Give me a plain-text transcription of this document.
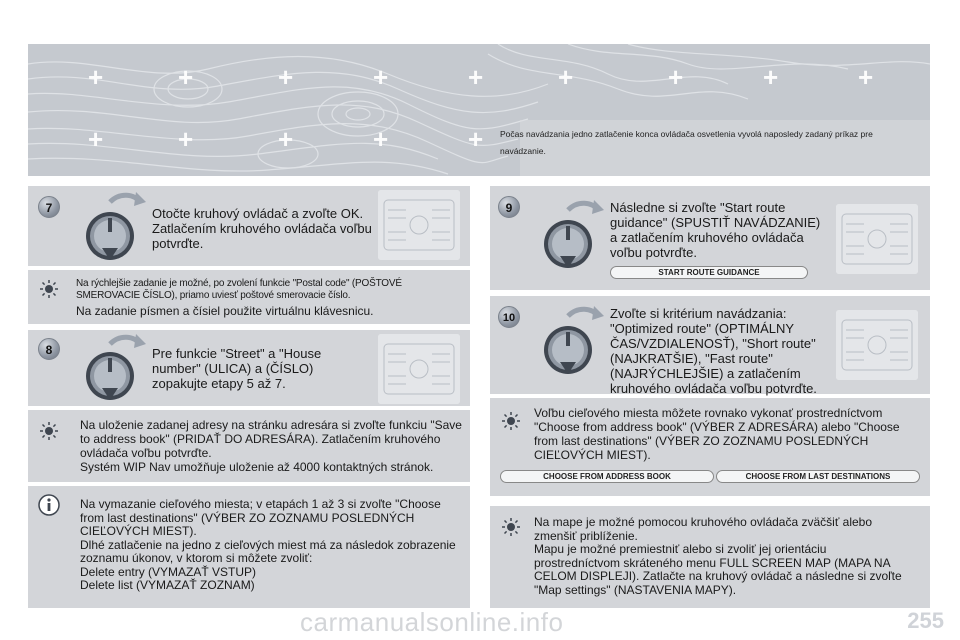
+	+	+	+	+	+	+	+	+
+	+	+	+	+ Počas navádzania jedno zatlačenie konca ovládača osvetlenia vyvolá naposledy zadaný príkaz pre navádzanie.
7	Otočte kruhový ovládač a zvoľte OK. Zatlačením kruhového ovládača voľbu potvrďte.
Na rýchlejšie zadanie je možné, po zvolení funkcie "Postal code" (POŠTOVÉ SMEROVACIE ČÍSLO), priamo uviesť poštové smerovacie číslo.
Na zadanie písmen a čísiel použite virtuálnu klávesnicu.
8	Pre funkcie "Street" a "House number" (ULICA) a (ČÍSLO) zopakujte etapy 5 až 7.
Na uloženie zadanej adresy na stránku adresára si zvoľte funkciu "Save to address book" (PRIDAŤ DO ADRESÁRA). Zatlačením kruhového ovládača voľbu potvrďte.
Systém WIP Nav umožňuje uloženie až 4000 kontaktných stránok.
Na vymazanie cieľového miesta; v etapách 1 až 3 si zvoľte "Choose from last destinations" (VÝBER ZO ZOZNAMU POSLEDNÝCH CIEĽOVÝCH MIEST).
Dlhé zatlačenie na jedno z cieľových miest má za následok zobrazenie zoznamu úkonov, v ktorom si môžete zvoliť:
Delete entry (VYMAZAŤ VSTUP)
Delete list (VYMAZAŤ ZOZNAM)
9	Následne si zvoľte "Start route guidance" (SPUSTIŤ NAVÁDZANIE) a zatlačením kruhového ovládača voľbu potvrďte.
START ROUTE GUIDANCE
10	Zvoľte si kritérium navádzania: "Optimized route" (OPTIMÁLNY ČAS/VZDIALENOSŤ), "Short route" (NAJKRATŠIE), "Fast route" (NAJRÝCHLEJŠIE) a zatlačením kruhového ovládača voľbu potvrďte.
Voľbu cieľového miesta môžete rovnako vykonať prostredníctvom "Choose from address book" (VÝBER Z ADRESÁRA) alebo "Choose from last destinations" (VÝBER ZO ZOZNAMU POSLEDNÝCH CIEĽOVÝCH MIEST).
CHOOSE FROM ADDRESS BOOK	CHOOSE FROM LAST DESTINATIONS
Na mape je možné pomocou kruhového ovládača zväčšiť alebo zmenšiť priblíženie.
Mapu je možné premiestniť alebo si zvoliť jej orientáciu prostredníctvom skráteného menu FULL SCREEN MAP (MAPA NA CELOM DISPLEJI). Zatlačte na kruhový ovládač a následne si zvoľte "Map settings" (NASTAVENIA MAPY).
255
carmanualsonline.info
